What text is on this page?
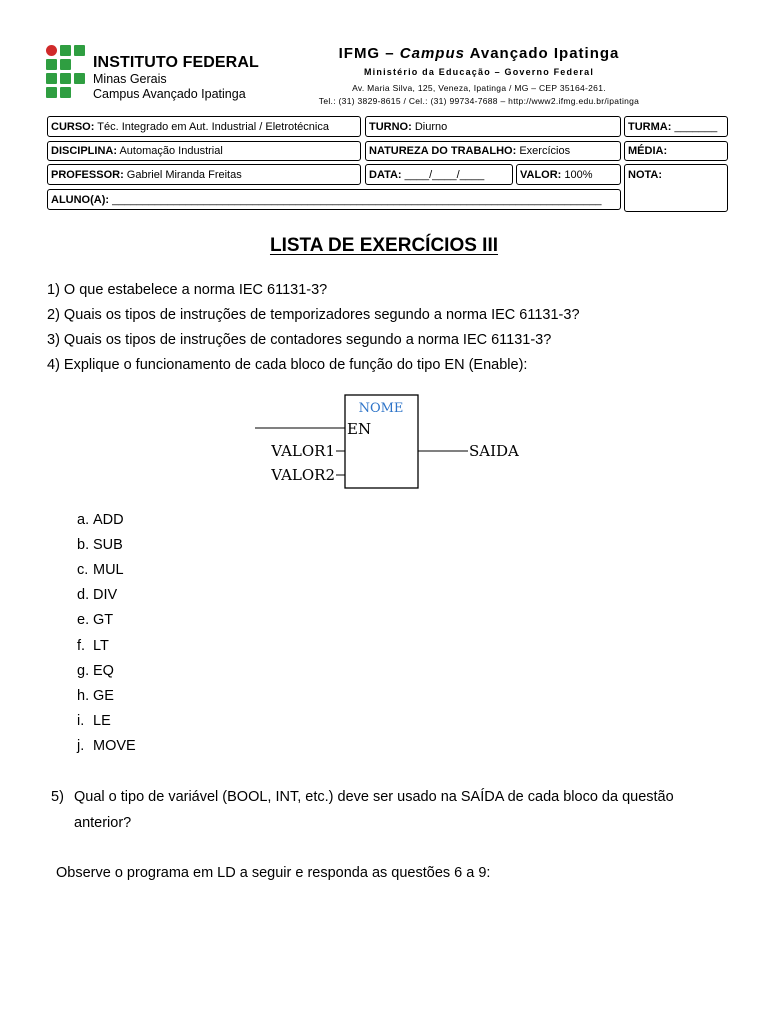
INSTITUTO FEDERAL
Minas Gerais
Campus Avançado Ipatinga
IFMG – Campus Avançado Ipatinga
Ministério da Educação – Governo Federal
Av. Maria Silva, 125, Veneza, Ipatinga / MG – CEP 35164-261.
Tel.: (31) 3829-8615 / Cel.: (31) 99734-7688 – http://www2.ifmg.edu.br/ipatinga
CURSO: Téc. Integrado em Aut. Industrial / Eletrotécnica	TURNO: Diurno	TURMA: _______
DISCIPLINA: Automação Industrial	NATUREZA DO TRABALHO: Exercícios	MÉDIA:
PROFESSOR: Gabriel Miranda Freitas	DATA: ____/____/____	VALOR: 100%	NOTA:
ALUNO(A): ________________________________________________________________________________
LISTA DE EXERCÍCIOS III
1) O que estabelece a norma IEC 61131-3?
2) Quais os tipos de instruções de temporizadores segundo a norma IEC 61131-3?
3) Quais os tipos de instruções de contadores segundo a norma IEC 61131-3?
4) Explique o funcionamento de cada bloco de função do tipo EN (Enable):
NOME
EN
VALOR1
VALOR2
SAIDA
a. ADD
b. SUB
c. MUL
d. DIV
e. GT
f. LT
g. EQ
h. GE
i. LE
j. MOVE
5) Qual o tipo de variável (BOOL, INT, etc.) deve ser usado na SAÍDA de cada bloco da questão
anterior?
Observe o programa em LD a seguir e responda as questões 6 a 9:
